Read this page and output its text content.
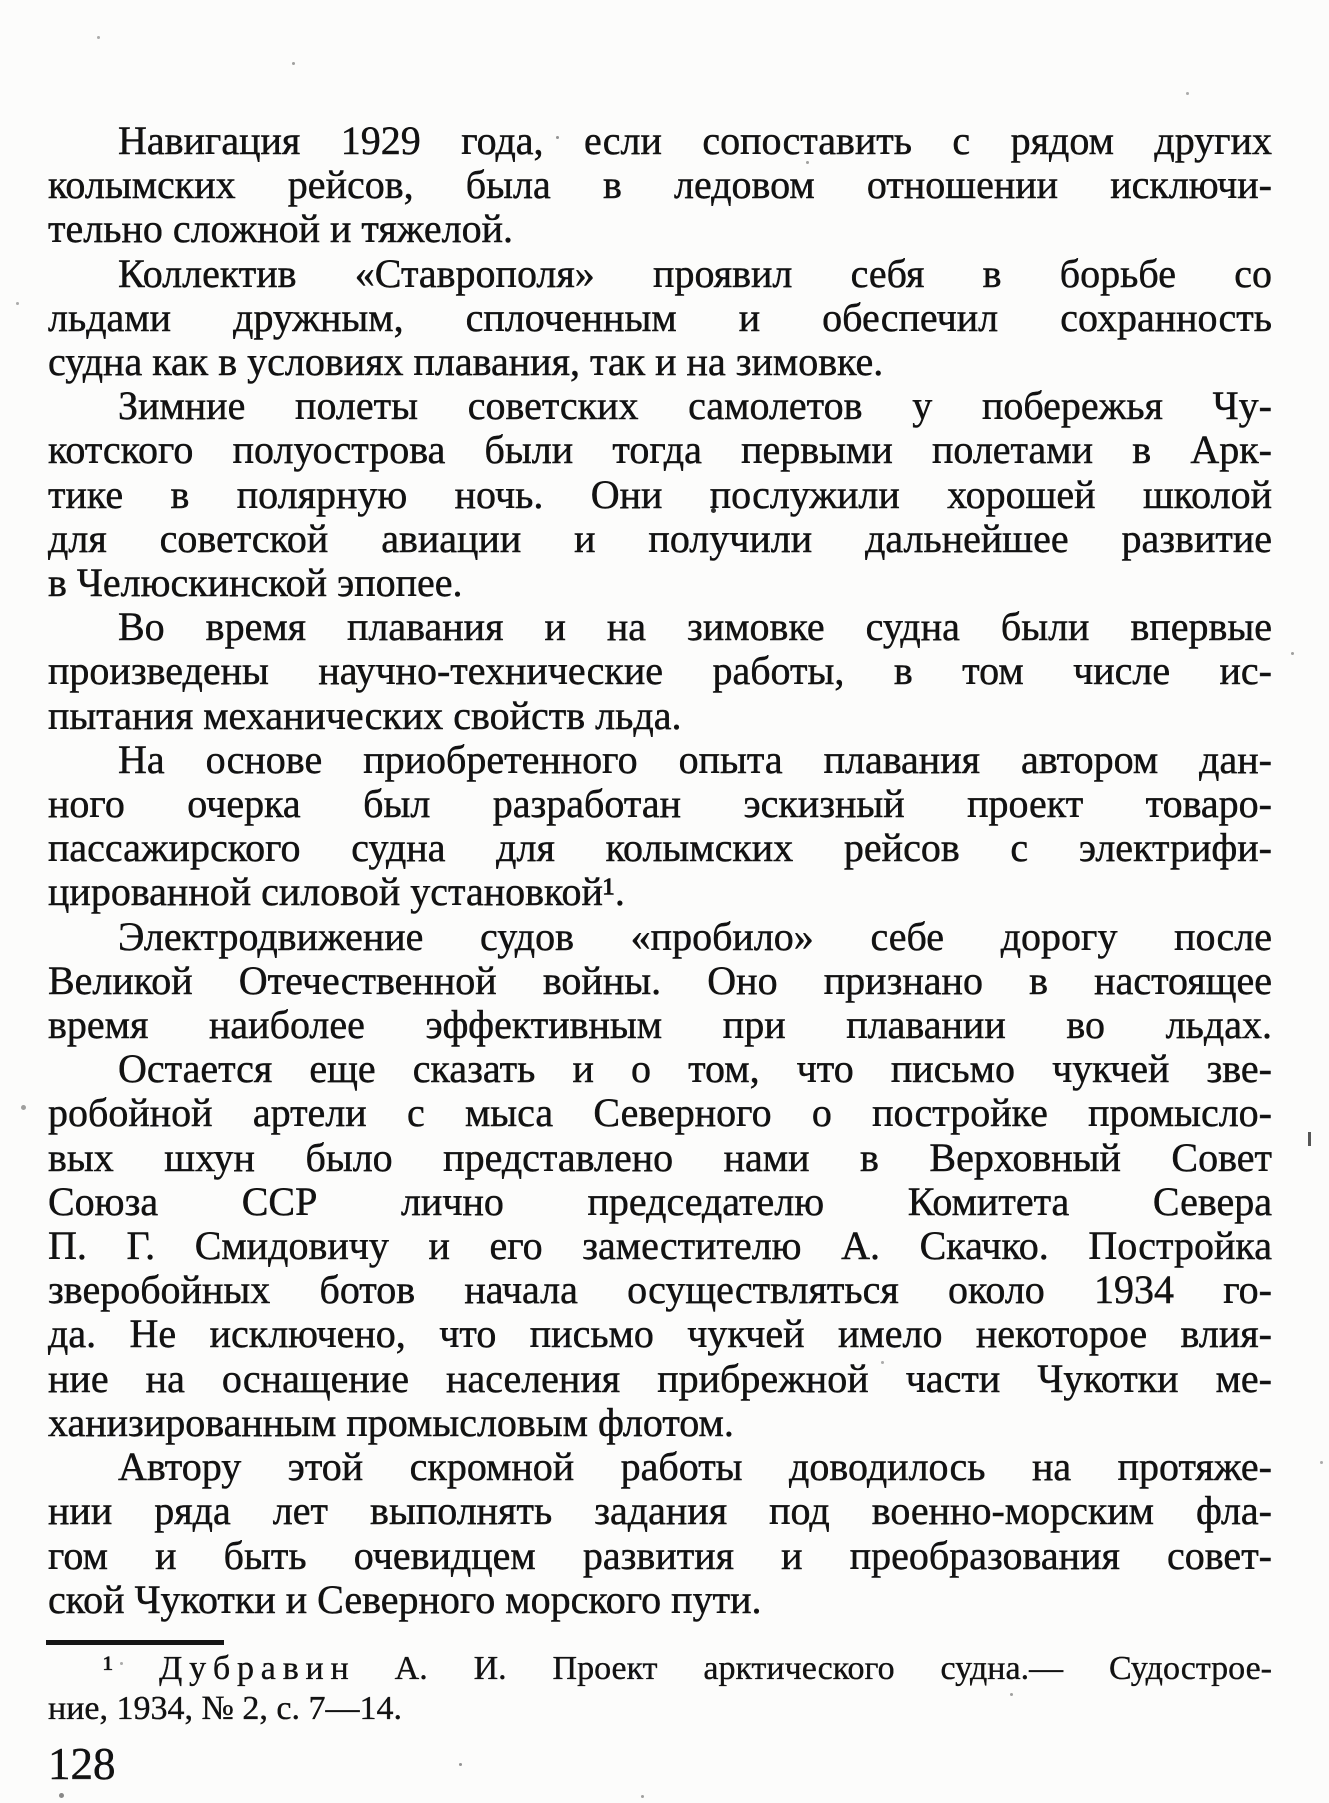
Навигация 1929 года, если сопоставить с рядом других
колымских рейсов, была в ледовом отношении исключи-
тельно сложной и тяжелой.
Коллектив «Ставрополя» проявил себя в борьбе со
льдами дружным, сплоченным и обеспечил сохранность
судна как в условиях плавания, так и на зимовке.
Зимние полеты советских самолетов у побережья Чу-
котского полуострова были тогда первыми полетами в Арк-
тике в полярную ночь. Они послужили хорошей школой
для советской авиации и получили дальнейшее развитие
в Челюскинской эпопее.
Во время плавания и на зимовке судна были впервые
произведены научно-технические работы, в том числе ис-
пытания механических свойств льда.
На основе приобретенного опыта плавания автором дан-
ного очерка был разработан эскизный проект товаро-
пассажирского судна для колымских рейсов с электрифи-
цированной силовой установкой¹.
Электродвижение судов «пробило» себе дорогу после
Великой Отечественной войны. Оно признано в настоящее
время наиболее эффективным при плавании во льдах.
Остается еще сказать и о том, что письмо чукчей зве-
робойной артели с мыса Северного о постройке промысло-
вых шхун было представлено нами в Верховный Совет
Союза ССР лично председателю Комитета Севера
П. Г. Смидовичу и его заместителю А. Скачко. Постройка
зверобойных ботов начала осуществляться около 1934 го-
да. Не исключено, что письмо чукчей имело некоторое влия-
ние на оснащение населения прибрежной части Чукотки ме-
ханизированным промысловым флотом.
Автору этой скромной работы доводилось на протяже-
нии ряда лет выполнять задания под военно-морским фла-
гом и быть очевидцем развития и преобразования совет-
ской Чукотки и Северного морского пути.
¹ Д у б р а в и н А. И. Проект арктического судна.— Судострое-
ние, 1934, № 2, с. 7—14.
128
